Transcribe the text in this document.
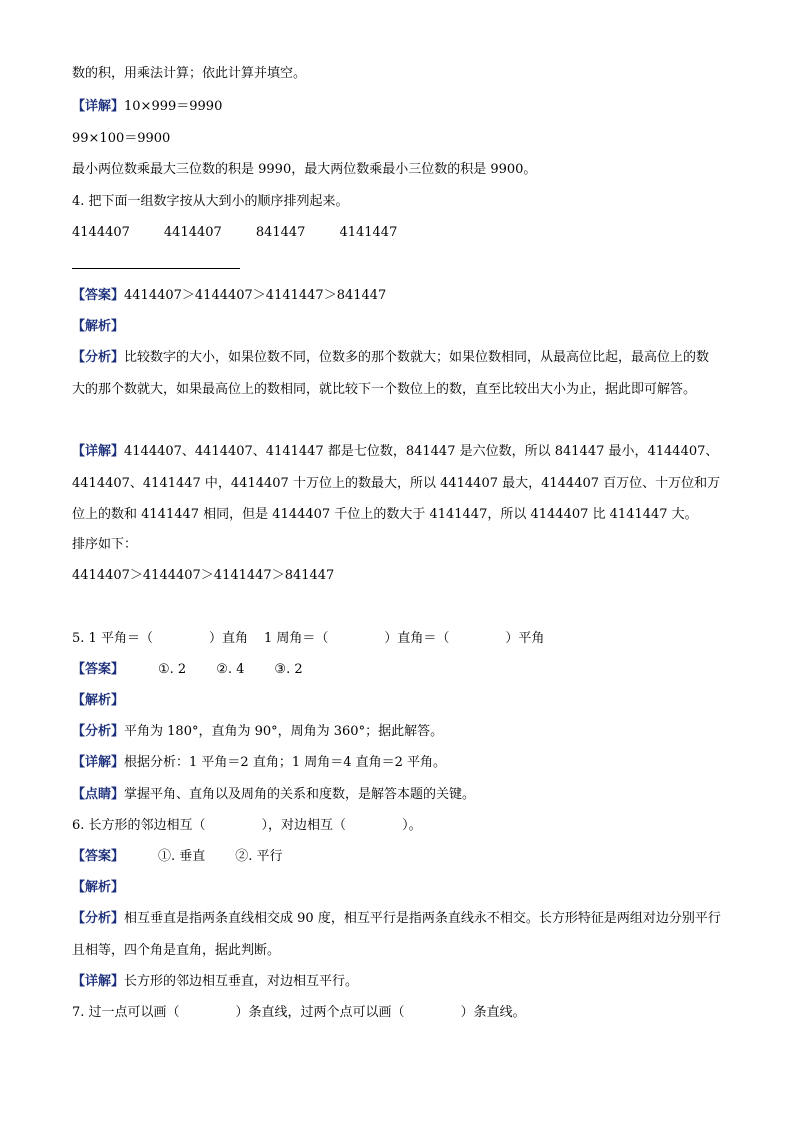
数的积，用乘法计算；依此计算并填空。
【详解】10×999＝9990
99×100＝9900
最小两位数乘最大三位数的积是 9990，最大两位数乘最小三位数的积是 9900。
4. 把下面一组数字按从大到小的顺序排列起来。
4144407	4414407	841447	4141447
【答案】4414407＞4144407＞4141447＞841447
【解析】
【分析】比较数字的大小，如果位数不同，位数多的那个数就大；如果位数相同，从最高位比起，最高位上的数大的那个数就大，如果最高位上的数相同，就比较下一个数位上的数，直至比较出大小为止，据此即可解答。
【详解】4144407、4414407、4141447 都是七位数，841447 是六位数，所以 841447 最小，4144407、4414407、4141447 中，4414407 十万位上的数最大，所以 4414407 最大，4144407 百万位、十万位和万位上的数和 4141447 相同，但是 4144407 千位上的数大于 4141447，所以 4144407 比 4141447 大。
排序如下：
4414407＞4144407＞4141447＞841447
5. 1 平角＝（	）直角 1 周角＝（	）直角＝（	）平角
【答案】	①. 2 ②. 4 ③. 2
【解析】
【分析】平角为 180°，直角为 90°，周角为 360°；据此解答。
【详解】根据分析：1 平角＝2 直角；1 周角＝4 直角＝2 平角。
【点睛】掌握平角、直角以及周角的关系和度数，是解答本题的关键。
6. 长方形的邻边相互（	），对边相互（	）。
【答案】	①. 垂直 ②. 平行
【解析】
【分析】相互垂直是指两条直线相交成 90 度，相互平行是指两条直线永不相交。长方形特征是两组对边分别平行且相等，四个角是直角，据此判断。
【详解】长方形的邻边相互垂直，对边相互平行。
7. 过一点可以画（	）条直线，过两个点可以画（	）条直线。
